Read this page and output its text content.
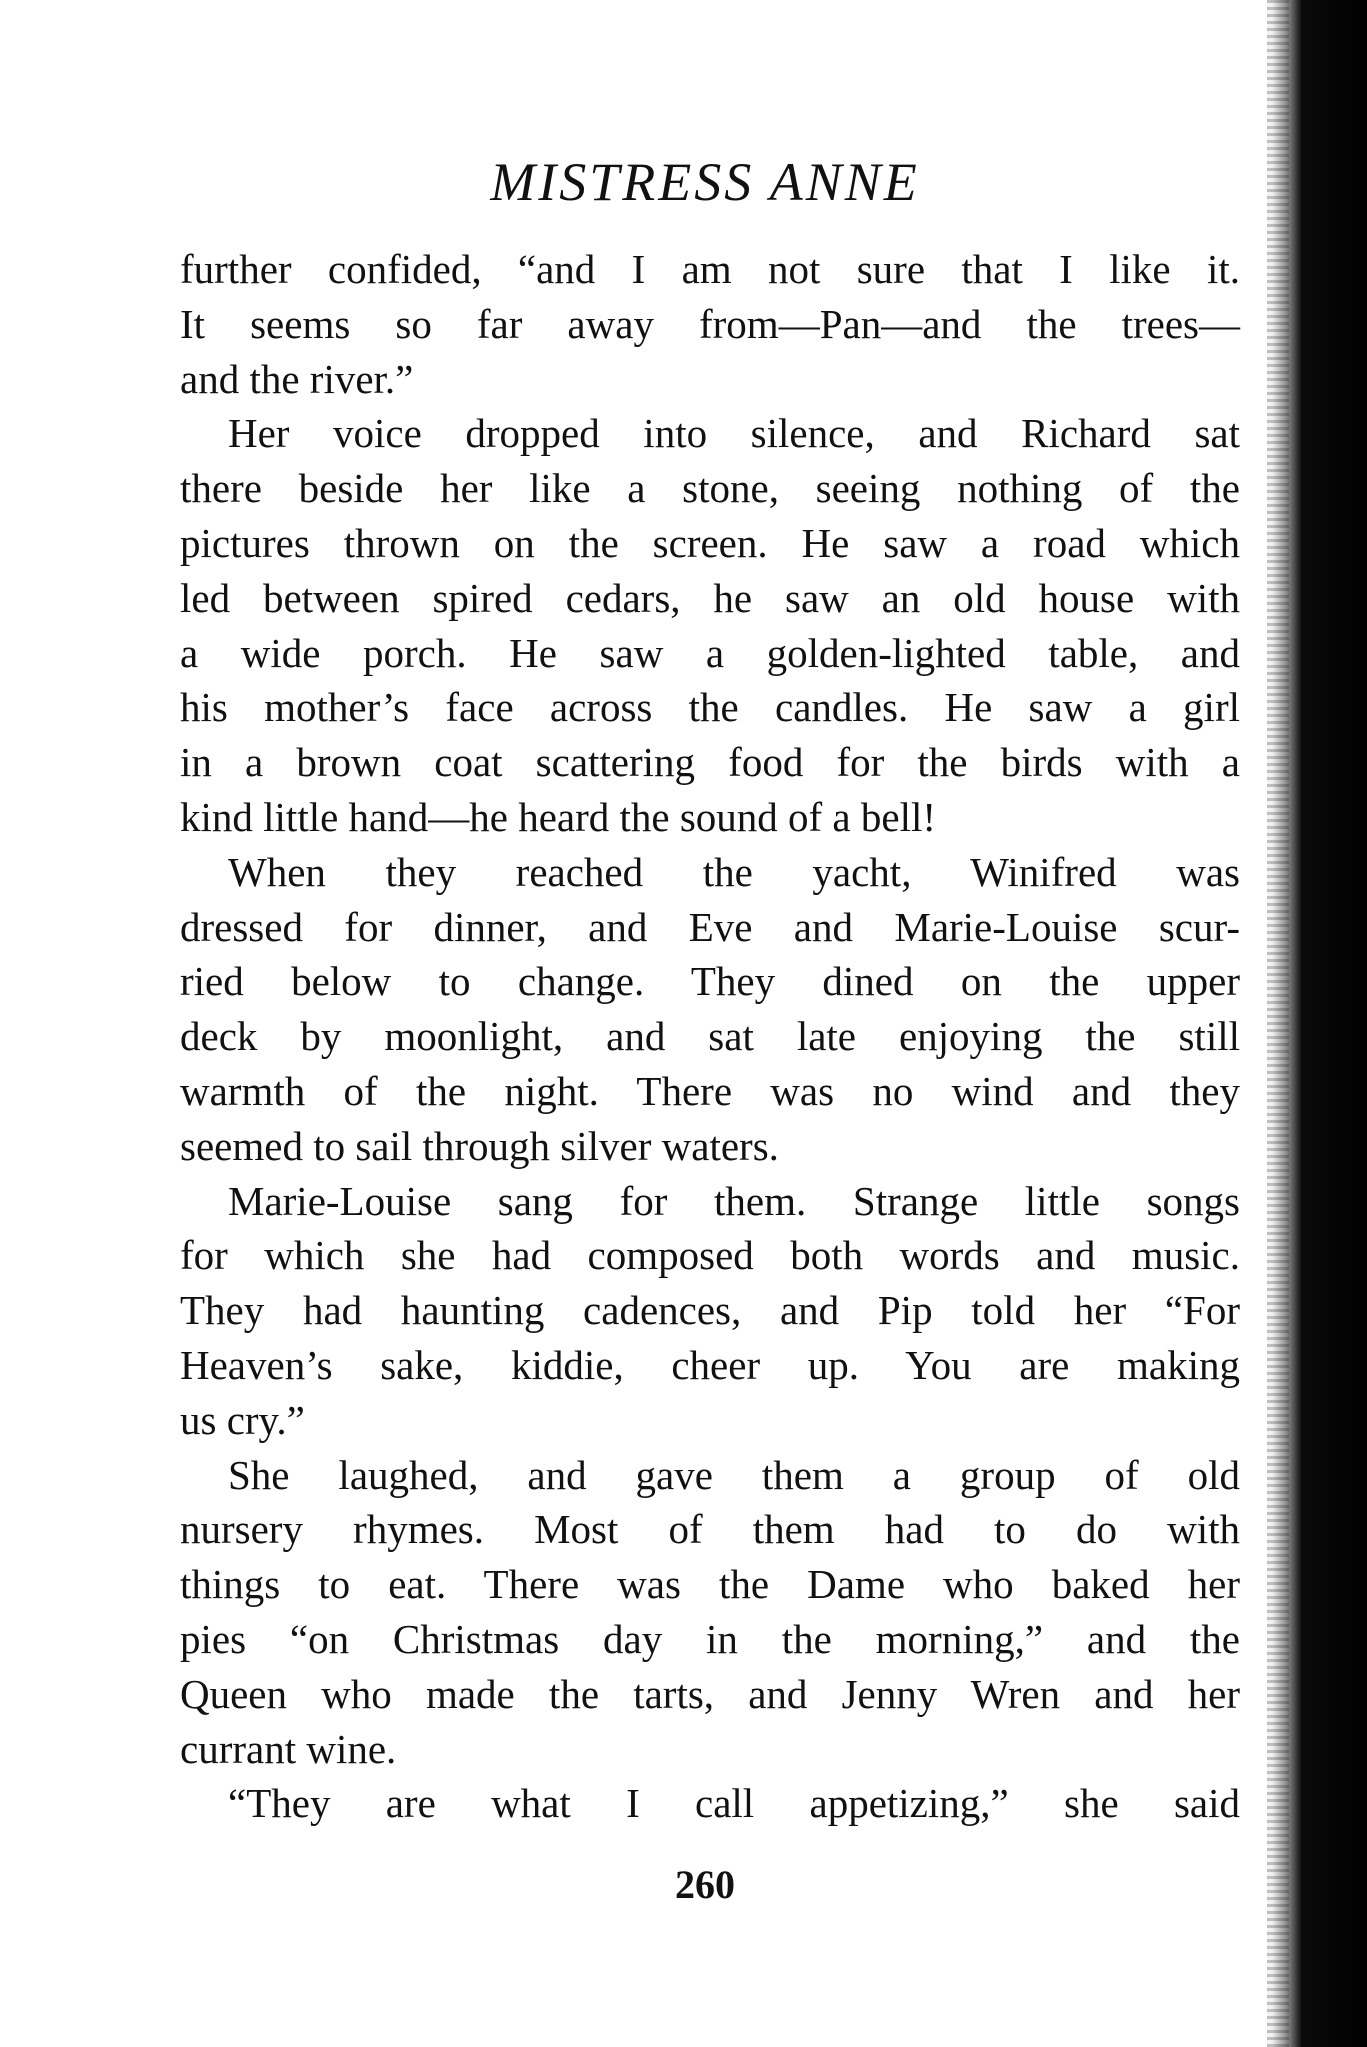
MISTRESS ANNE
further confided, “and I am not sure that I like it.
It seems so far away from—Pan—and the trees—
and the river.”
Her voice dropped into silence, and Richard sat
there beside her like a stone, seeing nothing of the
pictures thrown on the screen. He saw a road which
led between spired cedars, he saw an old house with
a wide porch. He saw a golden-lighted table, and
his mother’s face across the candles. He saw a girl
in a brown coat scattering food for the birds with a
kind little hand—he heard the sound of a bell!
When they reached the yacht, Winifred was
dressed for dinner, and Eve and Marie-Louise scur-
ried below to change. They dined on the upper
deck by moonlight, and sat late enjoying the still
warmth of the night. There was no wind and they
seemed to sail through silver waters.
Marie-Louise sang for them. Strange little songs
for which she had composed both words and music.
They had haunting cadences, and Pip told her “For
Heaven’s sake, kiddie, cheer up. You are making
us cry.”
She laughed, and gave them a group of old
nursery rhymes. Most of them had to do with
things to eat. There was the Dame who baked her
pies “on Christmas day in the morning,” and the
Queen who made the tarts, and Jenny Wren and her
currant wine.
“They are what I call appetizing,” she said
260
